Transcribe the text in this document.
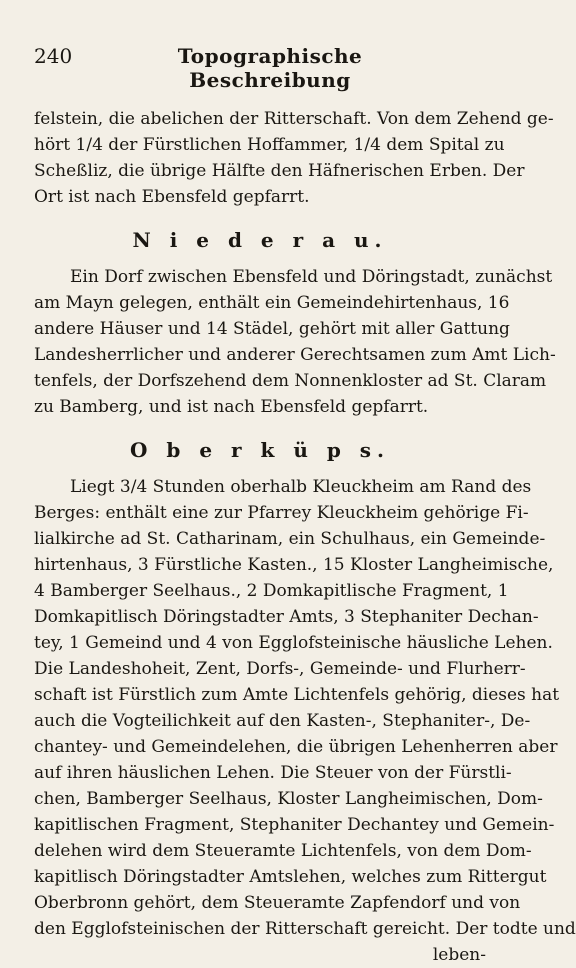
240	Topographische Beschreibung
felstein, die abelichen der Ritterschaft. Von dem Zehend ge-
hört 1/4 der Fürstlichen Hoffammer, 1/4 dem Spital zu
Scheßliz, die übrige Hälfte den Häfnerischen Erben. Der
Ort ist nach Ebensfeld gepfarrt.
N i e d e r a u.
Ein Dorf zwischen Ebensfeld und Döringstadt, zunächst
am Mayn gelegen, enthält ein Gemeindehirtenhaus, 16
andere Häuser und 14 Städel, gehört mit aller Gattung
Landesherrlicher und anderer Gerechtsamen zum Amt Lich-
tenfels, der Dorfszehend dem Nonnenkloster ad St. Claram
zu Bamberg, und ist nach Ebensfeld gepfarrt.
O b e r k ü p s.
Liegt 3/4 Stunden oberhalb Kleuckheim am Rand des
Berges: enthält eine zur Pfarrey Kleuckheim gehörige Fi-
lialkirche ad St. Catharinam, ein Schulhaus, ein Gemeinde-
hirtenhaus, 3 Fürstliche Kasten., 15 Kloster Langheimische,
4 Bamberger Seelhaus., 2 Domkapitlische Fragment, 1
Domkapitlisch Döringstadter Amts, 3 Stephaniter Dechan-
tey, 1 Gemeind und 4 von Egglofsteinische häusliche Lehen.
Die Landeshoheit, Zent, Dorfs-, Gemeinde- und Flurherr-
schaft ist Fürstlich zum Amte Lichtenfels gehörig, dieses hat
auch die Vogteilichkeit auf den Kasten-, Stephaniter-, De-
chantey- und Gemeindelehen, die übrigen Lehenherren aber
auf ihren häuslichen Lehen. Die Steuer von der Fürstli-
chen, Bamberger Seelhaus, Kloster Langheimischen, Dom-
kapitlischen Fragment, Stephaniter Dechantey und Gemein-
delehen wird dem Steueramte Lichtenfels, von dem Dom-
kapitlisch Döringstadter Amtslehen, welches zum Rittergut
Oberbronn gehört, dem Steueramte Zapfendorf und von
den Egglofsteinischen der Ritterschaft gereicht. Der todte und
leben-
